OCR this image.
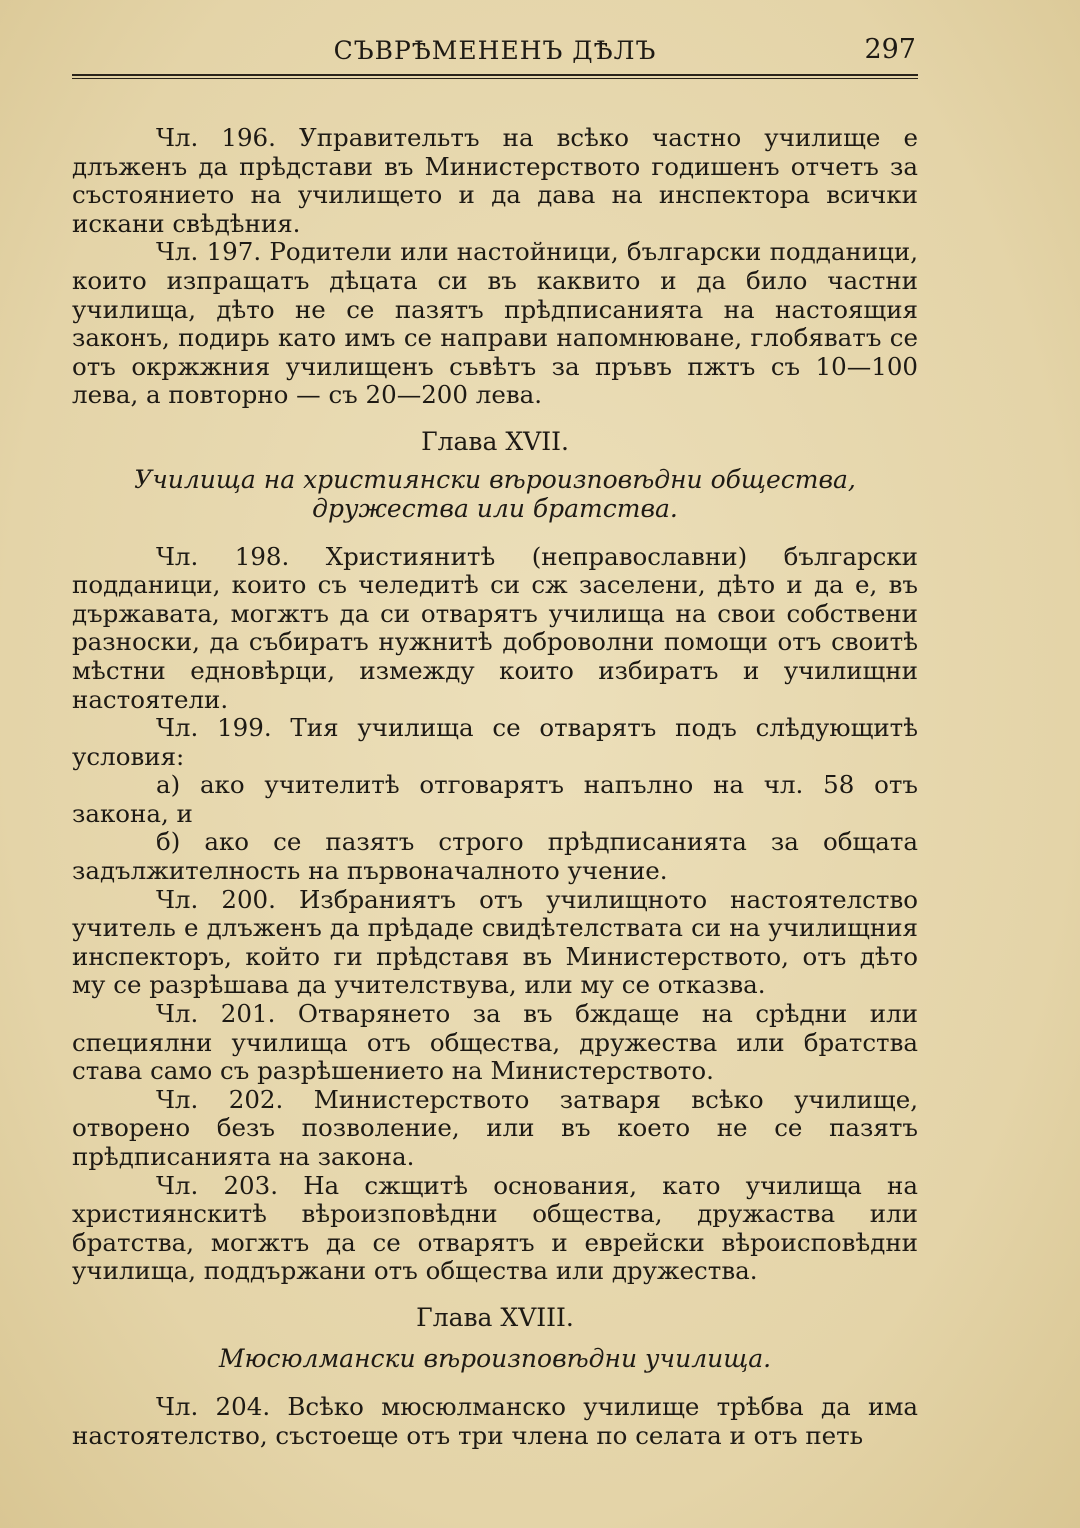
СЪВРѢМЕНЕНЪ ДѢЛЪ	297

Чл. 196. Управительтъ на всѣко частно училище е длъженъ да прѣдстави въ Министерството годишенъ отчетъ за състоянието на училището и да дава на инспектора всички искани свѣдѣния.

Чл. 197. Родители или настойници, български подданици, които изпращатъ дѣцата си въ каквито и да било частни училища, дѣто не се пазятъ прѣдписанията на настоящия законъ, подирь като имъ се направи напомнюване, глобяватъ се отъ окржжния училищенъ съвѣтъ за пръвъ пжтъ съ 10—100 лева, а повторно — съ 20—200 лева.

Глава XVII.
Училища на християнски вѣроизповѣдни общества, дружества или братства.

Чл. 198. Християнитѣ (неправославни) български подданици, които съ челедитѣ си сж заселени, дѣто и да е, въ държавата, могжтъ да си отварятъ училища на свои собствени разноски, да събиратъ нужнитѣ доброволни помощи отъ своитѣ мѣстни едновѣрци, измежду които избиратъ и училищни настоятели.

Чл. 199. Тия училища се отварятъ подъ слѣдующитѣ условия:

а) ако учителитѣ отговарятъ напълно на чл. 58 отъ закона, и

б) ако се пазятъ строго прѣдписанията за общата задължителность на първоначалното учение.

Чл. 200. Избраниятъ отъ училищното настоятелство учитель е длъженъ да прѣдаде свидѣтелствата си на училищния инспекторъ, който ги прѣдставя въ Министерството, отъ дѣто му се разрѣшава да учителствува, или му се отказва.

Чл. 201. Отварянето за въ бждаще на срѣдни или специялни училища отъ общества, дружества или братства става само съ разрѣшението на Министерството.

Чл. 202. Министерството затваря всѣко училище, отворено безъ позволение, или въ което не се пазятъ прѣдписанията на закона.

Чл. 203. На сжщитѣ основания, като училища на християнскитѣ вѣроизповѣдни общества, дружаства или братства, могжтъ да се отварятъ и еврейски вѣроисповѣдни училища, поддържани отъ общества или дружества.

Глава XVIII.
Мюсюлмански вѣроизповѣдни училища.

Чл. 204. Всѣко мюсюлманско училище трѣбва да има настоятелство, състоеще отъ три члена по селата и отъ петь
